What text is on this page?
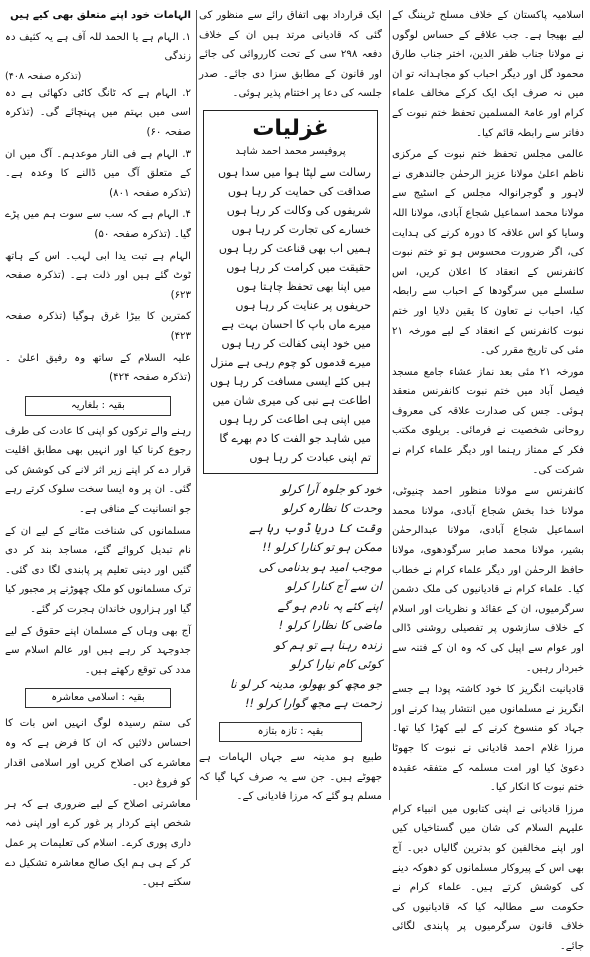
اسلامیہ پاکستان کے خلاف مسلح ٹریننگ کے لیے بھیجا ہے۔ جب علاقے کے حساس لوگوں نے مولانا جناب ظفر الدین، اختر جناب طارق محمود گل اور دیگر احباب کو مجاہدانہ تو ان میں نہ صرف ایک ایک کرکے مخالف علماء کرام اور عامۃ المسلمین تحفظ ختم نبوت کے دفاتر سے رابطہ قائم کیا۔

عالمی مجلس تحفظ ختم نبوت کے مرکزی ناظم اعلیٰ مولانا عزیز الرحمٰن جالندھری نے لاہور و گوجرانوالہ مجلس کے اسٹیج سے مولانا محمد اسماعیل شجاع آبادی، مولانا اللہ وسایا کو اس علاقہ کا دورہ کرنے کی ہدایت کی، اگر ضرورت محسوس ہو تو ختم نبوت کانفرنس کے انعقاد کا اعلان کریں، اس سلسلے میں سرگودھا کے احباب سے رابطہ کیا، احباب نے تعاون کا یقین دلایا اور ختم نبوت کانفرنس کے انعقاد کے لیے مورخہ ۲۱ مئی کی تاریخ مقرر کی۔

مورخہ ۲۱ مئی بعد نماز عشاء جامع مسجد فیصل آباد میں ختم نبوت کانفرنس منعقد ہوئی۔ جس کی صدارت علاقہ کی معروف روحانی شخصیت نے فرمائی۔ بریلوی مکتب فکر کے ممتاز رہنما اور دیگر علماء کرام نے شرکت کی۔

کانفرنس سے مولانا منظور احمد چنیوٹی، مولانا خدا بخش شجاع آبادی، مولانا محمد اسماعیل شجاع آبادی، مولانا عبدالرحمٰن بشیر، مولانا محمد صابر سرگودھوی، مولانا حافظ الرحمٰن اور دیگر علماء کرام نے خطاب کیا۔ علماء کرام نے قادیانیوں کی ملک دشمن سرگرمیوں، ان کے عقائد و نظریات اور اسلام کے خلاف سازشوں پر تفصیلی روشنی ڈالی اور عوام سے اپیل کی کہ وہ ان کے فتنہ سے خبردار رہیں۔

قادیانیت انگریز کا خود کاشتہ پودا ہے جسے انگریز نے مسلمانوں میں انتشار پیدا کرنے اور جہاد کو منسوخ کرنے کے لیے کھڑا کیا تھا۔ مرزا غلام احمد قادیانی نے نبوت کا جھوٹا دعویٰ کیا اور امت مسلمہ کے متفقہ عقیدہ ختم نبوت کا انکار کیا۔

مرزا قادیانی نے اپنی کتابوں میں انبیاء کرام علیہم السلام کی شان میں گستاخیاں کیں اور اپنے مخالفین کو بدترین گالیاں دیں۔ آج بھی اس کے پیروکار مسلمانوں کو دھوکہ دینے کی کوشش کرتے ہیں۔ علماء کرام نے حکومت سے مطالبہ کیا کہ قادیانیوں کی خلاف قانون سرگرمیوں پر پابندی لگائی جائے۔

ایک قرارداد بھی اتفاق رائے سے منظور کی گئی کہ قادیانی مرتد ہیں ان کے خلاف دفعہ ۲۹۸ سی کے تحت کارروائی کی جائے اور قانون کے مطابق سزا دی جائے۔ صدر جلسہ کی دعا پر اختتام پذیر ہوئی۔

غزلیات
پروفیسر محمد احمد شاہد

رسالت سے لپٹا ہوا میں سدا ہوں

صداقت کی حمایت کر رہا ہوں

شریفوں کی وکالت کر رہا ہوں

خسارے کی تجارت کر رہا ہوں

ہمیں اب بھی قناعت کر رہا ہوں

حقیقت میں کرامت کر رہا ہوں

میں اپنا بھی تحفظ چاہتا ہوں

حریفوں پر عنایت کر رہا ہوں

میرے ماں باپ کا احسان بہت ہے

میں خود اپنی کفالت کر رہا ہوں

میرے قدموں کو چوم رہی ہے منزل

ہیں کئے ایسی مسافت کر رہا ہوں

اطاعت ہے نبی کی میری شان میں

میں اپنی ہی اطاعت کر رہا ہوں

میں شاہد جو الفت کا دم بھرے گا

تم اپنی عبادت کر رہا ہوں

خود کو جلوہ آرا کرلو

وحدت کا نظارہ کرلو

وقت کا دریا ڈوب رہا ہے

ممکن ہو تو کنارا کرلو !!

موجب امید ہو بدنامی کی

ان سے آج کنارا کرلو

اپنے کئے پہ نادم ہو گے

ماضی کا نظارا کرلو !

زندہ رہنا ہے تو ہم کو

کوئی کام نیارا کرلو

جو مچھ کو بھولو، مدینہ کر لو نا

زحمت ہے مجھ گوارا کرلو !!

بقیہ : تازہ بتازہ

طبیع ہو مدینہ سے جہاں الہامات ہے جھوٹے ہیں۔ جن سے یہ صرف کہا گیا کہ مسلم ہو گئے کہ مرزا قادیانی کے۔

الہامات خود اپنے متعلق بھی کیے ہیں

۱. الہام ہے یا الحمد للہ آف ہے یہ کثیف دہ زندگی

(تذکرہ صفحہ ۴۰۸)

۲. الہام ہے کہ ٹانگ کاٹی دکھائی ہے دہ اسی میں بہتم میں پہنچائے گی۔ (تذکرہ صفحہ ۶۰)

۳. الہام ہے فی النار موعدہم۔ آگ میں ان کے متعلق آگ میں ڈالنے کا وعدہ ہے۔ (تذکرہ صفحہ ۸۰۱)

۴. الہام ہے کہ سب سے سوت ہم میں پڑے گیا۔ (تذکرہ صفحہ ۵۰)

الہام ہے تبت یدا ابی لہب۔ اس کے ہاتھ ٹوٹ گئے ہیں اور ذلت ہے۔ (تذکرہ صفحہ ۶۲۳)

کمترین کا بیڑا غرق ہوگیا (تذکرہ صفحہ ۴۲۳)

علیہ السلام کے ساتھ وہ رفیق اعلیٰ ۔ (تذکرہ صفحہ ۴۲۴)

بقیہ : بلغاریہ

رہنے والے ترکوں کو اپنی کا عادت کی طرف رجوع کرنا کیا اور انہیں بھی مطابق اقلیت قرار دے کر اپنے زیر اثر لانے کی کوشش کی گئی۔ ان پر وہ ایسا سخت سلوک کرتے رہے جو انسانیت کے منافی ہے۔

مسلمانوں کی شناخت مٹانے کے لیے ان کے نام تبدیل کروائے گئے، مساجد بند کر دی گئیں اور دینی تعلیم پر پابندی لگا دی گئی۔ ترک مسلمانوں کو ملک چھوڑنے پر مجبور کیا گیا اور ہزاروں خاندان ہجرت کر گئے۔

آج بھی وہاں کے مسلمان اپنے حقوق کے لیے جدوجہد کر رہے ہیں اور عالم اسلام سے مدد کی توقع رکھتے ہیں۔

بقیہ : اسلامی معاشرہ

کی ستم رسیدہ لوگ انہیں اس بات کا احساس دلائیں کہ ان کا فرض ہے کہ وہ معاشرے کی اصلاح کریں اور اسلامی اقدار کو فروغ دیں۔

معاشرتی اصلاح کے لیے ضروری ہے کہ ہر شخص اپنے کردار پر غور کرے اور اپنی ذمہ داری پوری کرے۔ اسلام کی تعلیمات پر عمل کر کے ہی ہم ایک صالح معاشرہ تشکیل دے سکتے ہیں۔
